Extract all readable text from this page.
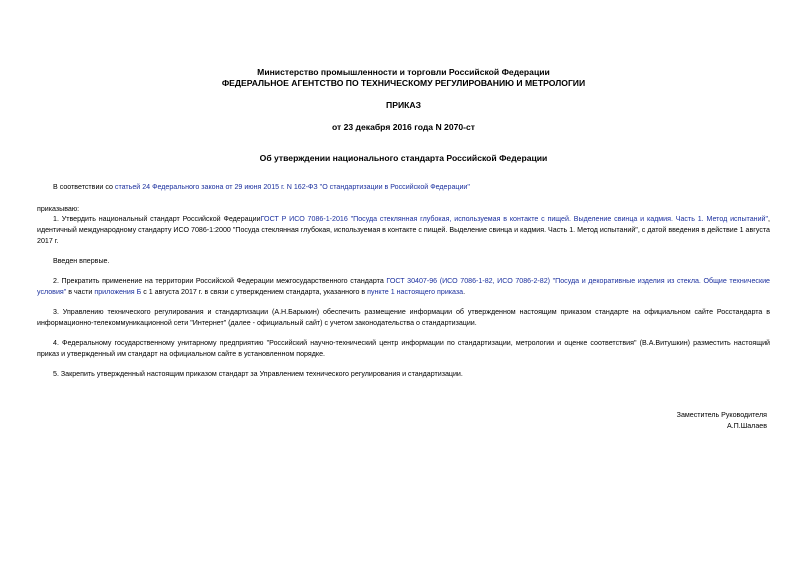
Министерство промышленности и торговли Российской Федерации
ФЕДЕРАЛЬНОЕ АГЕНТСТВО ПО ТЕХНИЧЕСКОМУ РЕГУЛИРОВАНИЮ И МЕТРОЛОГИИ
ПРИКАЗ
от 23 декабря 2016 года N 2070-ст
Об утверждении национального стандарта Российской Федерации
В соответствии со статьей 24 Федерального закона от 29 июня 2015 г. N 162-ФЗ "О стандартизации в Российской Федерации"
приказываю:
1. Утвердить национальный стандарт Российской ФедерацииГОСТ Р ИСО 7086-1-2016 "Посуда стеклянная глубокая, используемая в контакте с пищей. Выделение свинца и кадмия. Часть 1. Метод испытаний", идентичный международному стандарту ИСО 7086-1:2000 "Посуда стеклянная глубокая, используемая в контакте с пищей. Выделение свинца и кадмия. Часть 1. Метод испытаний", с датой введения в действие 1 августа 2017 г.
Введен впервые.
2. Прекратить применение на территории Российской Федерации межгосударственного стандарта ГОСТ 30407-96 (ИСО 7086-1-82, ИСО 7086-2-82) "Посуда и декоративные изделия из стекла. Общие технические условия" в части приложения Б с 1 августа 2017 г. в связи с утверждением стандарта, указанного в пункте 1 настоящего приказа.
3. Управлению технического регулирования и стандартизации (А.Н.Барыкин) обеспечить размещение информации об утвержденном настоящим приказом стандарте на официальном сайте Росстандарта в информационно-телекоммуникационной сети "Интернет" (далее - официальный сайт) с учетом законодательства о стандартизации.
4. Федеральному государственному унитарному предприятию "Российский научно-технический центр информации по стандартизации, метрологии и оценке соответствия" (В.А.Витушкин) разместить настоящий приказ и утвержденный им стандарт на официальном сайте в установленном порядке.
5. Закрепить утвержденный настоящим приказом стандарт за Управлением технического регулирования и стандартизации.
Заместитель Руководителя
А.П.Шалаев
